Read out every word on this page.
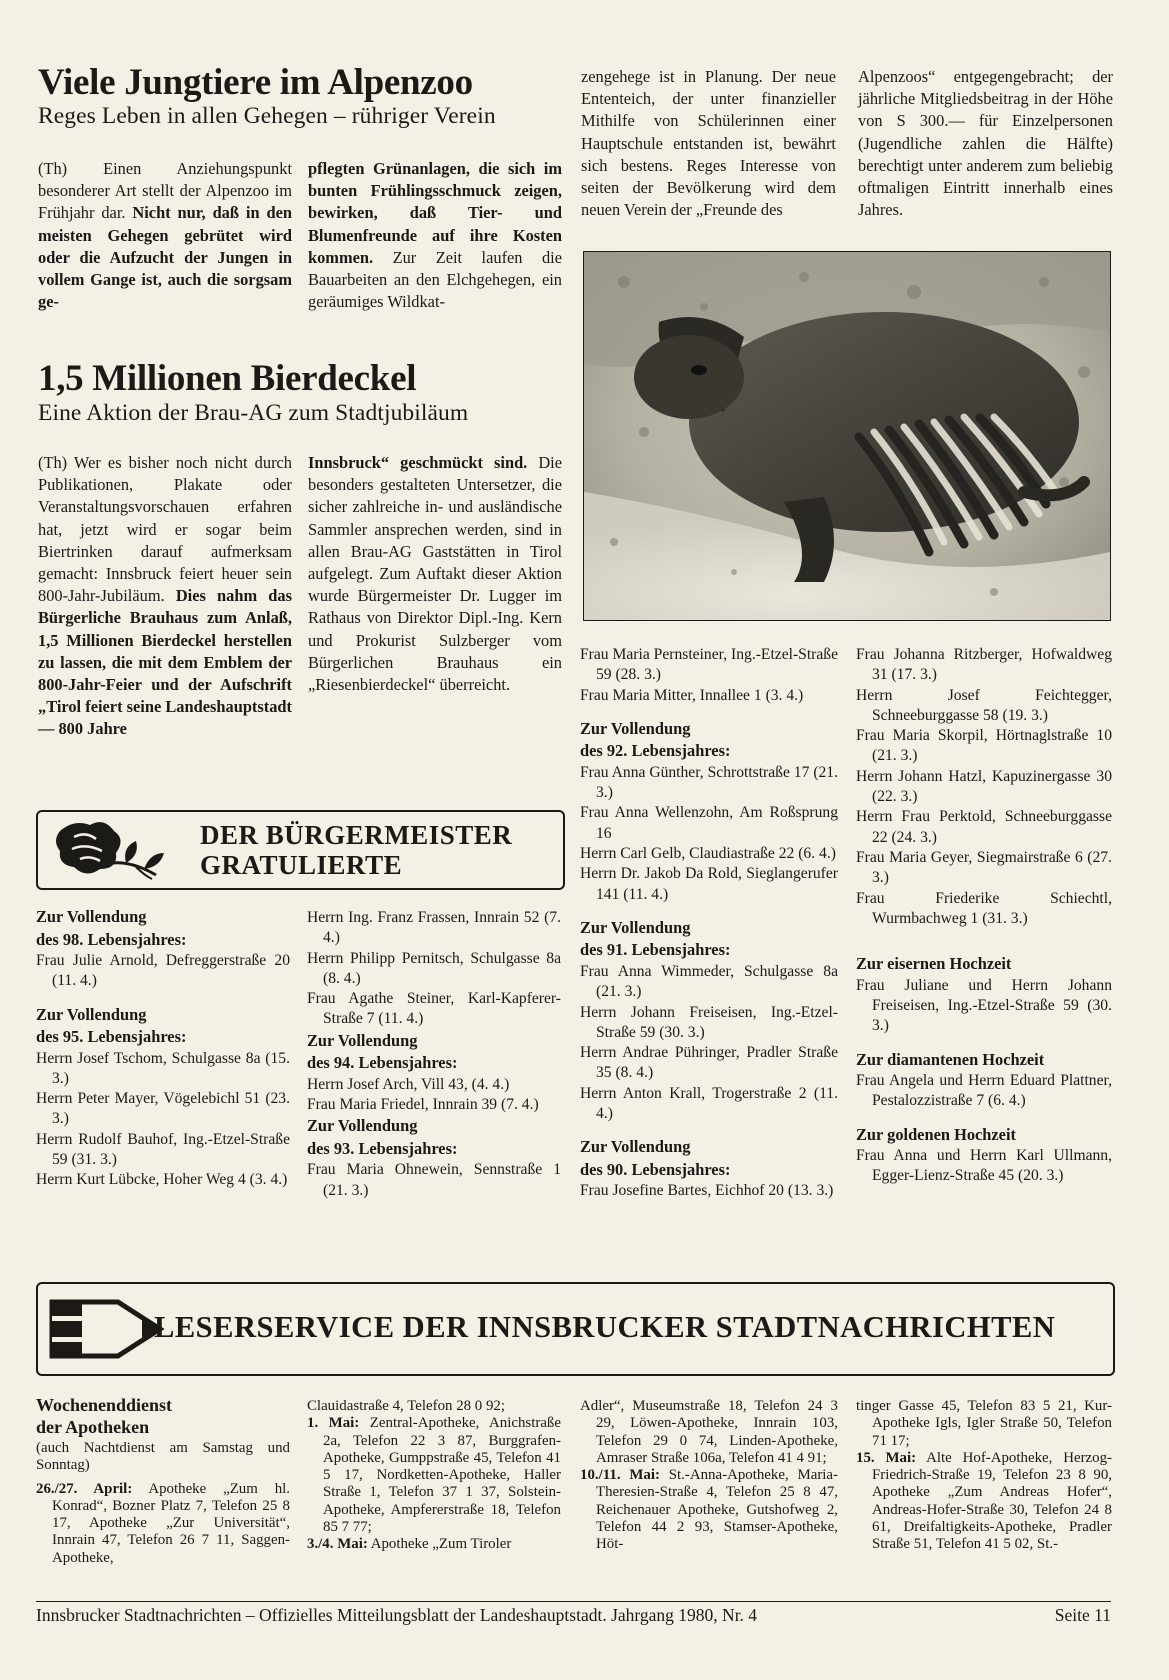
Viele Jungtiere im Alpenzoo
Reges Leben in allen Gehegen – rühriger Verein

(Th) Einen Anziehungspunkt besonderer Art stellt der Alpenzoo im Frühjahr dar. Nicht nur, daß in den meisten Gehegen gebrütet wird oder die Aufzucht der Jungen in vollem Gange ist, auch die sorgsam ge-

pflegten Grünanlagen, die sich im bunten Frühlingsschmuck zeigen, bewirken, daß Tier- und Blumenfreunde auf ihre Kosten kommen. Zur Zeit laufen die Bauarbeiten an den Elchgehegen, ein geräumiges Wildkat-

zengehege ist in Planung. Der neue Ententeich, der unter finanzieller Mithilfe von Schülerinnen einer Hauptschule entstanden ist, bewährt sich bestens. Reges Interesse von seiten der Bevölkerung wird dem neuen Verein der „Freunde des

Alpenzoos“ entgegengebracht; der jährliche Mitgliedsbeitrag in der Höhe von S 300.— für Einzelpersonen (Jugendliche zahlen die Hälfte) berechtigt unter anderem zum beliebig oftmaligen Eintritt innerhalb eines Jahres.

1,5 Millionen Bierdeckel
Eine Aktion der Brau-AG zum Stadtjubiläum

(Th) Wer es bisher noch nicht durch Publikationen, Plakate oder Veranstaltungsvorschauen erfahren hat, jetzt wird er sogar beim Biertrinken darauf aufmerksam gemacht: Innsbruck feiert heuer sein 800-Jahr-Jubiläum. Dies nahm das Bürgerliche Brauhaus zum Anlaß, 1,5 Millionen Bierdeckel herstellen zu lassen, die mit dem Emblem der 800-Jahr-Feier und der Aufschrift „Tirol feiert seine Landeshauptstadt — 800 Jahre

Innsbruck“ geschmückt sind. Die besonders gestalteten Untersetzer, die sicher zahlreiche in- und ausländische Sammler ansprechen werden, sind in allen Brau-AG Gaststätten in Tirol aufgelegt. Zum Auftakt dieser Aktion wurde Bürgermeister Dr. Lugger im Rathaus von Direktor Dipl.-Ing. Kern und Prokurist Sulzberger vom Bürgerlichen Brauhaus ein „Riesenbierdeckel“ überreicht.

DER BÜRGERMEISTER
GRATULIERTE
Zur Vollendung
des 98. Lebensjahres:
Frau Julie Arnold, Defreggerstraße 20 (11. 4.)
Zur Vollendung
des 95. Lebensjahres:
Herrn Josef Tschom, Schulgasse 8a (15. 3.)
Herrn Peter Mayer, Vögelebichl 51 (23. 3.)
Herrn Rudolf Bauhof, Ing.-Etzel-Straße 59 (31. 3.)
Herrn Kurt Lübcke, Hoher Weg 4 (3. 4.)
Herrn Ing. Franz Frassen, Innrain 52 (7. 4.)
Herrn Philipp Pernitsch, Schulgasse 8a (8. 4.)
Frau Agathe Steiner, Karl-Kapferer-Straße 7 (11. 4.)
Zur Vollendung
des 94. Lebensjahres:
Herrn Josef Arch, Vill 43, (4. 4.)
Frau Maria Friedel, Innrain 39 (7. 4.)
Zur Vollendung
des 93. Lebensjahres:
Frau Maria Ohnewein, Sennstraße 1 (21. 3.)
Frau Maria Pernsteiner, Ing.-Etzel-Straße 59 (28. 3.)
Frau Maria Mitter, Innallee 1 (3. 4.)
Zur Vollendung
des 92. Lebensjahres:
Frau Anna Günther, Schrottstraße 17 (21. 3.)
Frau Anna Wellenzohn, Am Roßsprung 16
Herrn Carl Gelb, Claudiastraße 22 (6. 4.)
Herrn Dr. Jakob Da Rold, Sieglangerufer 141 (11. 4.)
Zur Vollendung
des 91. Lebensjahres:
Frau Anna Wimmeder, Schulgasse 8a (21. 3.)
Herrn Johann Freiseisen, Ing.-Etzel-Straße 59 (30. 3.)
Herrn Andrae Pühringer, Pradler Straße 35 (8. 4.)
Herrn Anton Krall, Trogerstraße 2 (11. 4.)
Zur Vollendung
des 90. Lebensjahres:
Frau Josefine Bartes, Eichhof 20 (13. 3.)
Frau Johanna Ritzberger, Hofwaldweg 31 (17. 3.)
Herrn Josef Feichtegger, Schneeburggasse 58 (19. 3.)
Frau Maria Skorpil, Hörtnaglstraße 10 (21. 3.)
Herrn Johann Hatzl, Kapuzinergasse 30 (22. 3.)
Herrn Frau Perktold, Schneeburggasse 22 (24. 3.)
Frau Maria Geyer, Siegmairstraße 6 (27. 3.)
Frau Friederike Schiechtl, Wurmbachweg 1 (31. 3.)
Zur eisernen Hochzeit
Frau Juliane und Herrn Johann Freiseisen, Ing.-Etzel-Straße 59 (30. 3.)
Zur diamantenen Hochzeit
Frau Angela und Herrn Eduard Plattner, Pestalozzistraße 7 (6. 4.)
Zur goldenen Hochzeit
Frau Anna und Herrn Karl Ullmann, Egger-Lienz-Straße 45 (20. 3.)
LESERSERVICE DER INNSBRUCKER STADTNACHRICHTEN
Wochenenddienst
der Apotheken
(auch Nachtdienst am Samstag und Sonntag)
26./27. April: Apotheke „Zum hl. Konrad“, Bozner Platz 7, Telefon 25 8 17, Apotheke „Zur Universität“, Innrain 47, Telefon 26 7 11, Saggen-Apotheke,
Clauidastraße 4, Telefon 28 0 92;
1. Mai: Zentral-Apotheke, Anichstraße 2a, Telefon 22 3 87, Burggrafen-Apotheke, Gumppstraße 45, Telefon 41 5 17, Nordketten-Apotheke, Haller Straße 1, Telefon 37 1 37, Solstein-Apotheke, Ampfererstraße 18, Telefon 85 7 77;
3./4. Mai: Apotheke „Zum Tiroler
Adler“, Museumstraße 18, Telefon 24 3 29, Löwen-Apotheke, Innrain 103, Telefon 29 0 74, Linden-Apotheke, Amraser Straße 106a, Telefon 41 4 91;
10./11. Mai: St.-Anna-Apotheke, Maria-Theresien-Straße 4, Telefon 25 8 47, Reichenauer Apotheke, Gutshofweg 2, Telefon 44 2 93, Stamser-Apotheke, Höt-
tinger Gasse 45, Telefon 83 5 21, Kur-Apotheke Igls, Igler Straße 50, Telefon 71 17;
15. Mai: Alte Hof-Apotheke, Herzog-Friedrich-Straße 19, Telefon 23 8 90, Apotheke „Zum Andreas Hofer“, Andreas-Hofer-Straße 30, Telefon 24 8 61, Dreifaltigkeits-Apotheke, Pradler Straße 51, Telefon 41 5 02, St.-
Innsbrucker Stadtnachrichten – Offizielles Mitteilungsblatt der Landeshauptstadt. Jahrgang 1980, Nr. 4	Seite 11
